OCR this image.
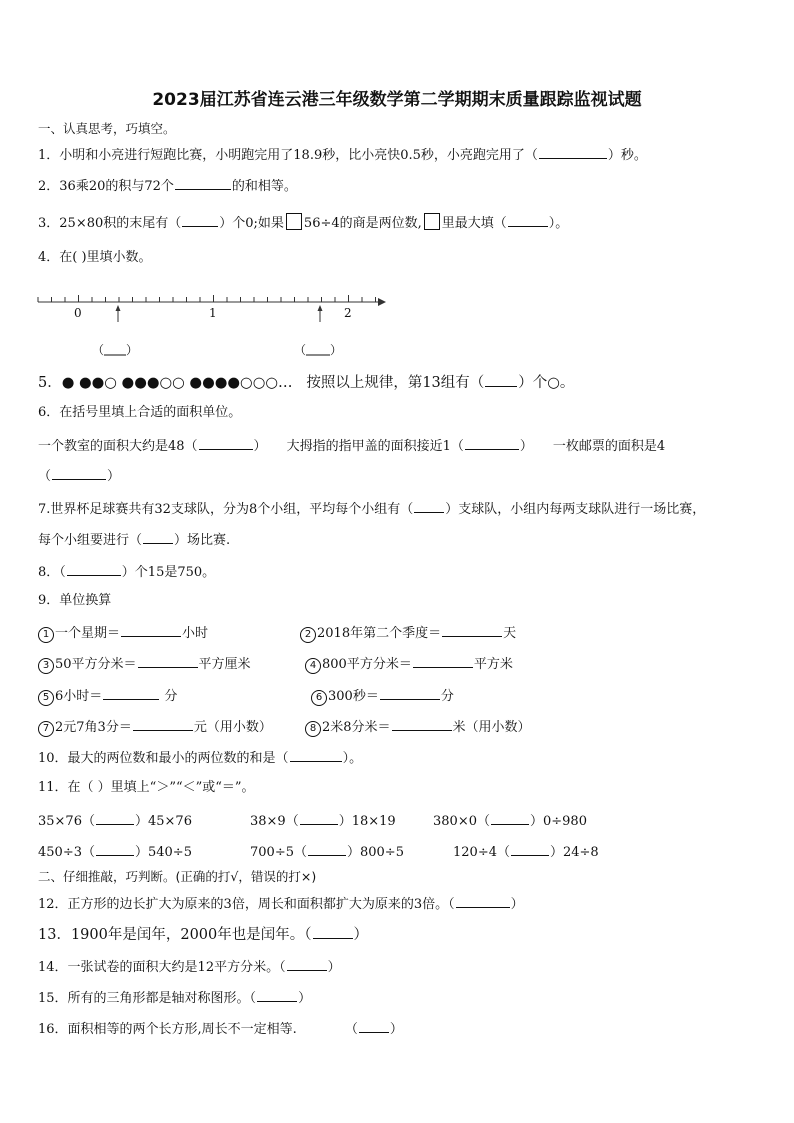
2023届江苏省连云港三年级数学第二学期期末质量跟踪监视试题
一、认真思考，巧填空。
1．小明和小亮进行短跑比赛，小明跑完用了18.9秒，比小亮快0.5秒，小亮跑完用了（	）秒。
2．36乘20的积与72个	的和相等。
3．25×80积的末尾有（	）个0;如果 56÷4的商是两位数, 里最大填（	）。
4．在( )里填小数。
0	1	2
（ ）	（ ）
5．● ●●○ ●●●○○ ●●●●○○○… 按照以上规律，第13组有（ ）个○。
6．在括号里填上合适的面积单位。
一个教室的面积大约是48（	） 大拇指的指甲盖的面积接近1（	） 一枚邮票的面积是4
（	）
7.世界杯足球赛共有32支球队，分为8个小组，平均每个小组有（ ）支球队，小组内每两支球队进行一场比赛，
每个小组要进行（ ）场比赛.
8．（	）个15是750。
9．单位换算
1 一个星期＝	小时	2 2018年第二个季度＝	天
3 50平方分米＝	平方厘米	4 800平方分米＝	平方米
5 6小时＝	分	6 300秒＝	分
7 2元7角3分＝	元（用小数）	8 2米8分米＝	米（用小数）
10．最大的两位数和最小的两位数的和是（	）。
11．在（ ）里填上“＞”“＜”或“＝”。
35×76（	）45×76	38×9（	）18×19	380×0（	）0÷980
450÷3（	）540÷5	700÷5（	）800÷5	120÷4（	）24÷8
二、仔细推敲，巧判断。(正确的打√，错误的打×)
12．正方形的边长扩大为原来的3倍，周长和面积都扩大为原来的3倍。（	）
13．1900年是闰年，2000年也是闰年。（	）
14．一张试卷的面积大约是12平方分米。（	）
15．所有的三角形都是轴对称图形。（	）
16．面积相等的两个长方形,周长不一定相等.	（ ）
